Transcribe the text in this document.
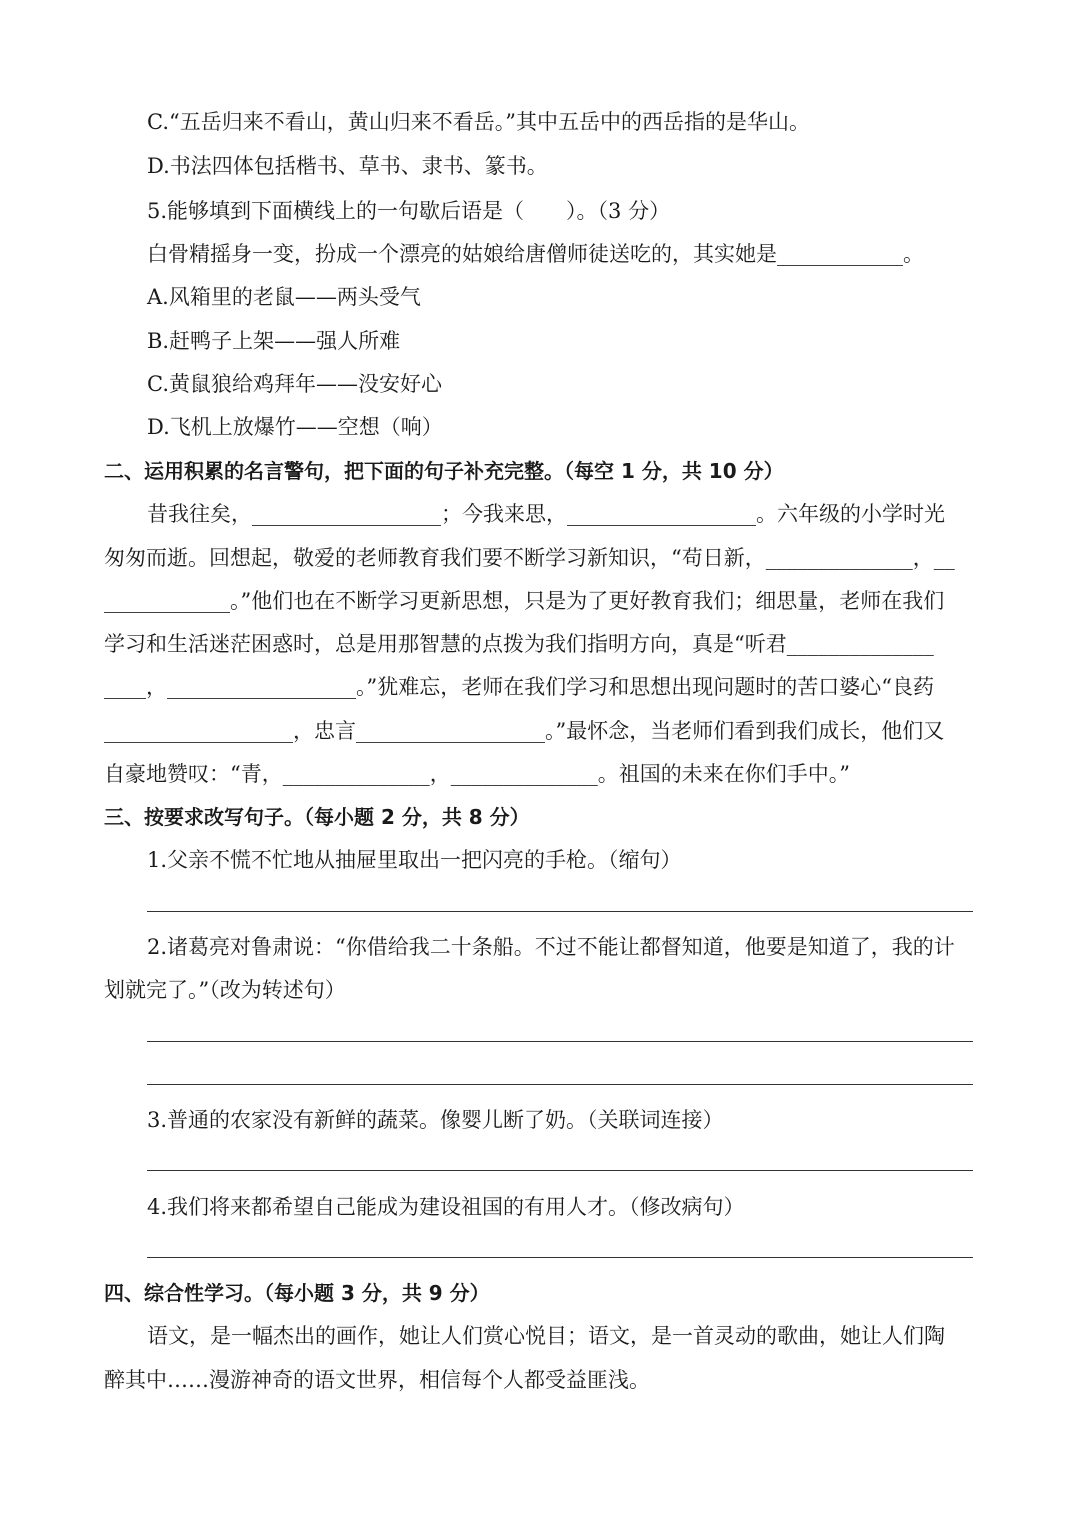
C.“五岳归来不看山，黄山归来不看岳。”其中五岳中的西岳指的是华山。
D.书法四体包括楷书、草书、隶书、篆书。
5.能够填到下面横线上的一句歇后语是（　　）。（3 分）
白骨精摇身一变，扮成一个漂亮的姑娘给唐僧师徒送吃的，其实她是____________。
A.风箱里的老鼠——两头受气
B.赶鸭子上架——强人所难
C.黄鼠狼给鸡拜年——没安好心
D.飞机上放爆竹——空想（响）
二、运用积累的名言警句，把下面的句子补充完整。（每空 1 分，共 10 分）
昔我往矣，__________________；今我来思，__________________。六年级的小学时光
匆匆而逝。回想起，敬爱的老师教育我们要不断学习新知识，“苟日新，______________，__
____________。”他们也在不断学习更新思想，只是为了更好教育我们；细思量，老师在我们
学习和生活迷茫困惑时，总是用那智慧的点拨为我们指明方向，真是“听君______________
____，__________________。”犹难忘，老师在我们学习和思想出现问题时的苦口婆心“良药
__________________，忠言__________________。”最怀念，当老师们看到我们成长，他们又
自豪地赞叹：“青，______________，______________。祖国的未来在你们手中。”
三、按要求改写句子。（每小题 2 分，共 8 分）
1.父亲不慌不忙地从抽屉里取出一把闪亮的手枪。（缩句）
2.诸葛亮对鲁肃说：“你借给我二十条船。不过不能让都督知道，他要是知道了，我的计
划就完了。”（改为转述句）
3.普通的农家没有新鲜的蔬菜。像婴儿断了奶。（关联词连接）
4.我们将来都希望自己能成为建设祖国的有用人才。（修改病句）
四、综合性学习。（每小题 3 分，共 9 分）
语文，是一幅杰出的画作，她让人们赏心悦目；语文，是一首灵动的歌曲，她让人们陶
醉其中……漫游神奇的语文世界，相信每个人都受益匪浅。
